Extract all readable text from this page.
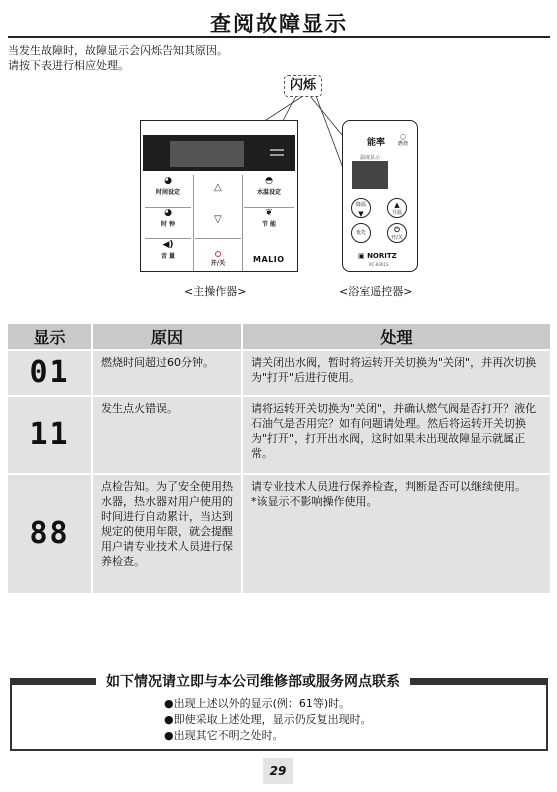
查阅故障显示
当发生故障时，故障显示会闪烁告知其原因。
请按下表进行相应处理。
闪烁
◕
时间设定
◕
时 钟
◀)
音 量
△
▽
开/关
◓
水温设定
❦
节 能
MALIO
<主操作器>
能率
◯
燃烧
温度显示
降温
▼
▲
升温
优先	⏻
开/关
▣ NORITZ
RC-8301S
<浴室遥控器>
显示	原因	处理
01	燃烧时间超过60分钟。	请关闭出水阀，暂时将运转开关切换为"关闭"，并再次切换为"打开"后进行使用。
11	发生点火错误。	请将运转开关切换为"关闭"，并确认燃气阀是否打开？液化石油气是否用完？如有问题请处理。然后将运转开关切换为"打开"，打开出水阀，这时如果未出现故障显示就属正常。
88	点检告知。为了安全使用热水器，热水器对用户使用的时间进行自动累计，当达到规定的使用年限，就会提醒用户请专业技术人员进行保养检查。	请专业技术人员进行保养检查，判断是否可以继续使用。
*该显示不影响操作使用。
如下情况请立即与本公司维修部或服务网点联系
●出现上述以外的显示(例：61等)时。
●即使采取上述处理，显示仍反复出现时。
●出现其它不明之处时。
29
